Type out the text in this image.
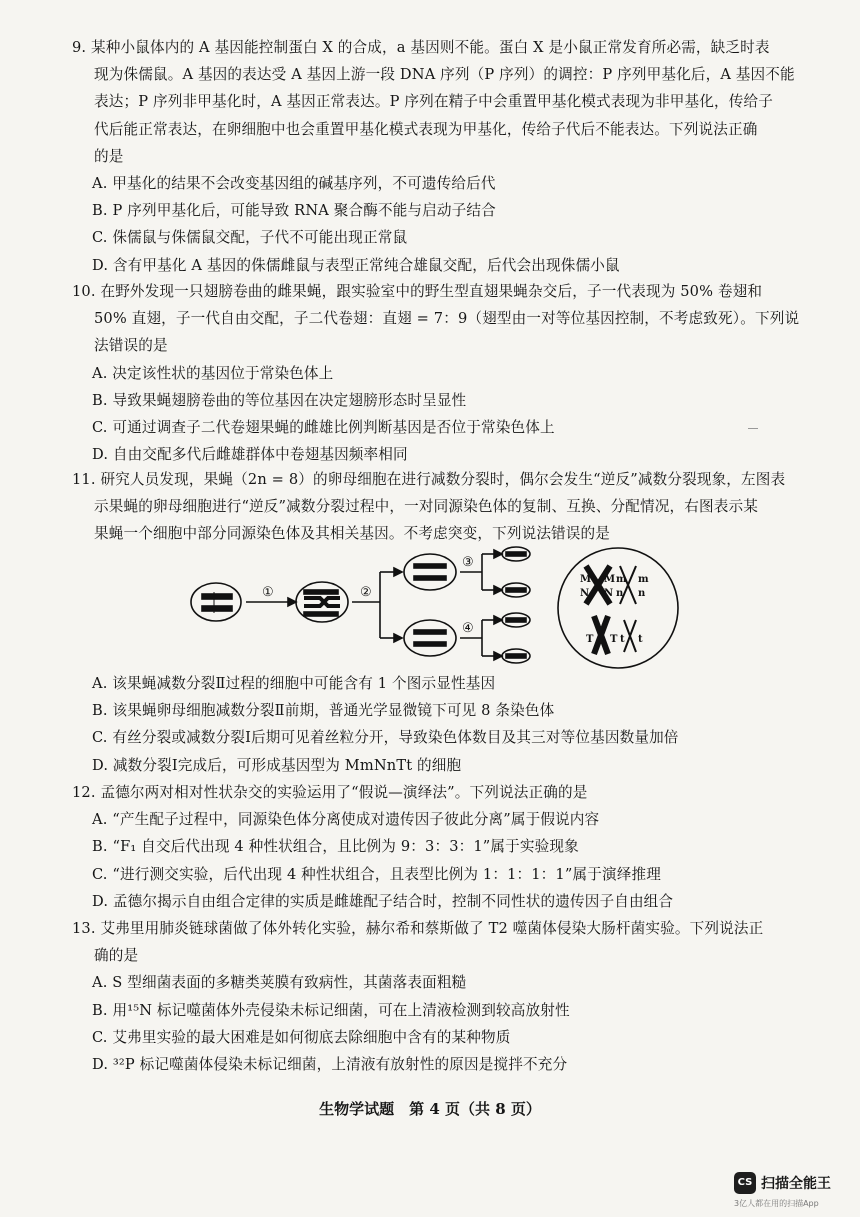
9. 某种小鼠体内的 A 基因能控制蛋白 X 的合成，a 基因则不能。蛋白 X 是小鼠正常发育所必需，缺乏时表
现为侏儒鼠。A 基因的表达受 A 基因上游一段 DNA 序列（P 序列）的调控：P 序列甲基化后，A 基因不能
表达；P 序列非甲基化时，A 基因正常表达。P 序列在精子中会重置甲基化模式表现为非甲基化，传给子
代后能正常表达，在卵细胞中也会重置甲基化模式表现为甲基化，传给子代后不能表达。下列说法正确
的是
A. 甲基化的结果不会改变基因组的碱基序列，不可遗传给后代
B. P 序列甲基化后，可能导致 RNA 聚合酶不能与启动子结合
C. 侏儒鼠与侏儒鼠交配，子代不可能出现正常鼠
D. 含有甲基化 A 基因的侏儒雌鼠与表型正常纯合雄鼠交配，后代会出现侏儒小鼠
10. 在野外发现一只翅膀卷曲的雌果蝇，跟实验室中的野生型直翅果蝇杂交后，子一代表现为 50% 卷翅和
50% 直翅，子一代自由交配，子二代卷翅：直翅 = 7：9（翅型由一对等位基因控制，不考虑致死）。下列说
法错误的是
A. 决定该性状的基因位于常染色体上
B. 导致果蝇翅膀卷曲的等位基因在决定翅膀形态时呈显性
C. 可通过调查子二代卷翅果蝇的雌雄比例判断基因是否位于常染色体上
D. 自由交配多代后雌雄群体中卷翅基因频率相同
11. 研究人员发现，果蝇（2n = 8）的卵母细胞在进行减数分裂时，偶尔会发生“逆反”减数分裂现象，左图表
示果蝇的卵母细胞进行“逆反”减数分裂过程中，一对同源染色体的复制、互换、分配情况，右图表示某
果蝇一个细胞中部分同源染色体及其相关基因。不考虑突变，下列说法错误的是
①	②
③
④
M M m m
N N n n
T T t t
A. 该果蝇减数分裂Ⅱ过程的细胞中可能含有 1 个图示显性基因
B. 该果蝇卵母细胞减数分裂Ⅱ前期，普通光学显微镜下可见 8 条染色体
C. 有丝分裂或减数分裂Ⅰ后期可见着丝粒分开，导致染色体数目及其三对等位基因数量加倍
D. 减数分裂Ⅰ完成后，可形成基因型为 MmNnTt 的细胞
12. 孟德尔两对相对性状杂交的实验运用了“假说—演绎法”。下列说法正确的是
A. “产生配子过程中，同源染色体分离使成对遗传因子彼此分离”属于假说内容
B. “F₁ 自交后代出现 4 种性状组合，且比例为 9：3：3：1”属于实验现象
C. “进行测交实验，后代出现 4 种性状组合，且表型比例为 1：1：1：1”属于演绎推理
D. 孟德尔揭示自由组合定律的实质是雌雄配子结合时，控制不同性状的遗传因子自由组合
13. 艾弗里用肺炎链球菌做了体外转化实验，赫尔希和蔡斯做了 T2 噬菌体侵染大肠杆菌实验。下列说法正
确的是
A. S 型细菌表面的多糖类荚膜有致病性，其菌落表面粗糙
B. 用¹⁵N 标记噬菌体外壳侵染未标记细菌，可在上清液检测到较高放射性
C. 艾弗里实验的最大困难是如何彻底去除细胞中含有的某种物质
D. ³²P 标记噬菌体侵染未标记细菌，上清液有放射性的原因是搅拌不充分
生物学试题　第 4 页（共 8 页）
CS 扫描全能王
3亿人都在用的扫描App
